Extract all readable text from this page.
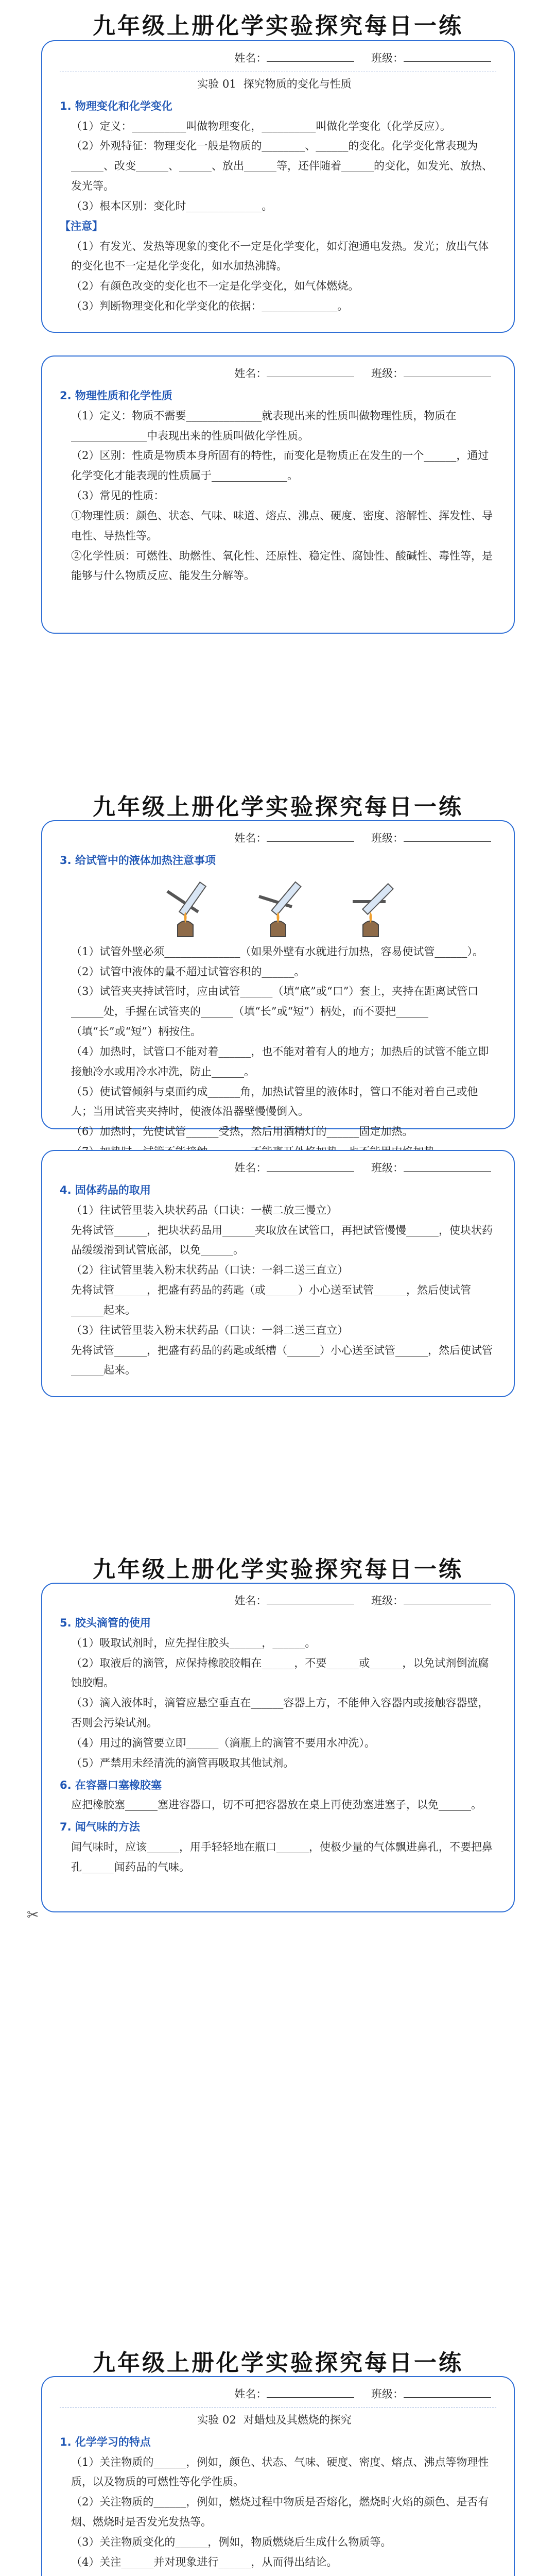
九年级上册化学实验探究每日一练
姓名：	班级：
实验 01 探究物质的变化与性质
1. 物理变化和化学变化

（1）定义：__________叫做物理变化，__________叫做化学变化（化学反应）。

（2）外观特征：物理变化一般是物质的________、______的变化。化学变化常表现为______、改变______、______、放出______等，还伴随着______的变化，如发光、放热、发光等。

（3）根本区别：变化时______________。

【注意】

（1）有发光、发热等现象的变化不一定是化学变化，如灯泡通电发热。发光；放出气体的变化也不一定是化学变化，如水加热沸腾。

（2）有颜色改变的变化也不一定是化学变化，如气体燃烧。

（3）判断物理变化和化学变化的依据：______________。

姓名：	班级：
2. 物理性质和化学性质

（1）定义：物质不需要______________就表现出来的性质叫做物理性质，物质在______________中表现出来的性质叫做化学性质。

（2）区别：性质是物质本身所固有的特性，而变化是物质正在发生的一个______，通过化学变化才能表现的性质属于______________。

（3）常见的性质：

①物理性质：颜色、状态、气味、味道、熔点、沸点、硬度、密度、溶解性、挥发性、导电性、导热性等。

②化学性质：可燃性、助燃性、氧化性、还原性、稳定性、腐蚀性、酸碱性、毒性等，是能够与什么物质反应、能发生分解等。

九年级上册化学实验探究每日一练
姓名：	班级：
3. 给试管中的液体加热注意事项

（1）试管外壁必须______________（如果外壁有水就进行加热，容易使试管______）。

（2）试管中液体的量不超过试管容积的______。

（3）试管夹夹持试管时，应由试管______（填“底”或“口”）套上，夹持在距离试管口______处，手握在试管夹的______（填“长”或“短”）柄处，而不要把______（填“长”或“短”）柄按住。

（4）加热时，试管口不能对着______，也不能对着有人的地方；加热后的试管不能立即接触冷水或用冷水冲洗，防止______。

（5）使试管倾斜与桌面约成______角，加热试管里的液体时，管口不能对着自己或他人；当用试管夹夹持时，使液体沿器壁慢慢倒入。

（6）加热时，先使试管______受热，然后用酒精灯的______固定加热。

姓名：	班级：
4. 固体药品的取用

（1）往试管里装入块状药品（口诀：一横二放三慢立）

先将试管______，把块状药品用______夹取放在试管口，再把试管慢慢______，使块状药品缓缓滑到试管底部，以免______。

（2）往试管里装入粉末状药品（口诀：一斜二送三直立）

先将试管______，把盛有药品的药匙（或______）小心送至试管______，然后使试管______起来。

（3）往试管里装入粉末状药品（口诀：一斜二送三直立）

先将试管______，把盛有药品的药匙或纸槽（______）小心送至试管______，然后使试管______起来。

九年级上册化学实验探究每日一练
姓名：	班级：
5. 胶头滴管的使用

（1）吸取试剂时，应先捏住胶头______，______。

（2）取液后的滴管，应保持橡胶胶帽在______，不要______或______，以免试剂倒流腐蚀胶帽。

（3）滴入液体时，滴管应悬空垂直在______容器上方，不能伸入容器内或接触容器壁，否则会污染试剂。

（4）用过的滴管要立即______（滴瓶上的滴管不要用水冲洗）。

（5）严禁用未经清洗的滴管再吸取其他试剂。

6. 在容器口塞橡胶塞

应把橡胶塞______塞进容器口，切不可把容器放在桌上再使劲塞进塞子，以免______。

7. 闻气味的方法

闻气味时，应该______，用手轻轻地在瓶口______，使极少量的气体飘进鼻孔，不要把鼻孔______闻药品的气味。

✂
九年级上册化学实验探究每日一练
姓名：	班级：
实验 02 对蜡烛及其燃烧的探究
1. 化学学习的特点

（1）关注物质的______，例如，颜色、状态、气味、硬度、密度、熔点、沸点等物理性质，以及物质的可燃性等化学性质。

（2）关注物质的______，例如，燃烧过程中物质是否熔化，燃烧时火焰的颜色、是否有烟、燃烧时是否发光发热等。

（3）关注物质变化的______，例如，物质燃烧后生成什么物质等。

（4）关注______并对现象进行______，从而得出结论。
